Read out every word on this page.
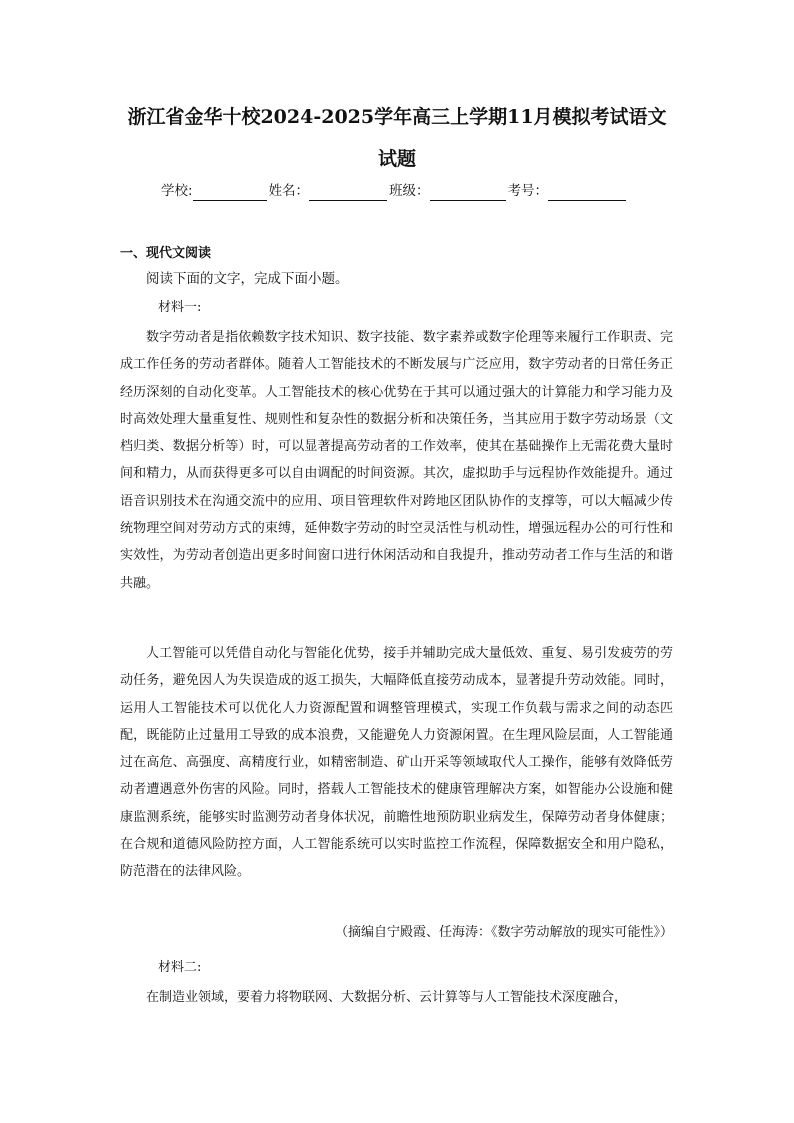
浙江省金华十校2024-2025学年高三上学期11月模拟考试语文
试题
学校:	姓名：	班级：	考号：
一、现代文阅读
阅读下面的文字，完成下面小题。
材料一:

数字劳动者是指依赖数字技术知识、数字技能、数字素养或数字伦理等来履行工作职责、完成工作任务的劳动者群体。随着人工智能技术的不断发展与广泛应用，数字劳动者的日常任务正经历深刻的自动化变革。人工智能技术的核心优势在于其可以通过强大的计算能力和学习能力及时高效处理大量重复性、规则性和复杂性的数据分析和决策任务，当其应用于数字劳动场景（文档归类、数据分析等）时，可以显著提高劳动者的工作效率，使其在基础操作上无需花费大量时间和精力，从而获得更多可以自由调配的时间资源。其次，虚拟助手与远程协作效能提升。通过语音识别技术在沟通交流中的应用、项目管理软件对跨地区团队协作的支撑等，可以大幅减少传统物理空间对劳动方式的束缚，延伸数字劳动的时空灵活性与机动性，增强远程办公的可行性和实效性，为劳动者创造出更多时间窗口进行休闲活动和自我提升，推动劳动者工作与生活的和谐共融。

人工智能可以凭借自动化与智能化优势，接手并辅助完成大量低效、重复、易引发疲劳的劳动任务，避免因人为失误造成的返工损失，大幅降低直接劳动成本，显著提升劳动效能。同时，运用人工智能技术可以优化人力资源配置和调整管理模式，实现工作负载与需求之间的动态匹配，既能防止过量用工导致的成本浪费，又能避免人力资源闲置。在生理风险层面，人工智能通过在高危、高强度、高精度行业，如精密制造、矿山开采等领域取代人工操作，能够有效降低劳动者遭遇意外伤害的风险。同时，搭载人工智能技术的健康管理解决方案，如智能办公设施和健康监测系统，能够实时监测劳动者身体状况，前瞻性地预防职业病发生，保障劳动者身体健康；在合规和道德风险防控方面，人工智能系统可以实时监控工作流程，保障数据安全和用户隐私，防范潜在的法律风险。

（摘编自宁殿霞、任海涛：《数字劳动解放的现实可能性》）
材料二:

在制造业领域，要着力将物联网、大数据分析、云计算等与人工智能技术深度融合，
